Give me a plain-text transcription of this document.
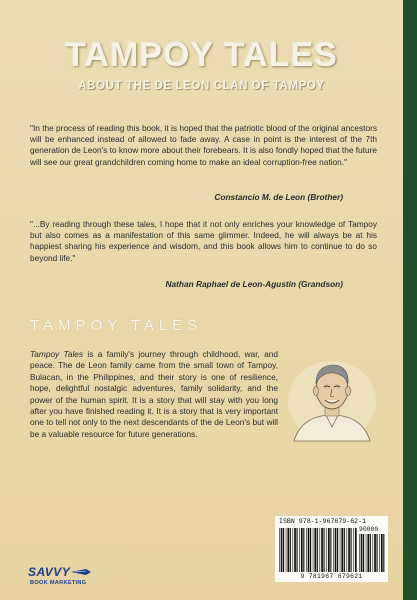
TAMPOY TALES
ABOUT THE DE LEON CLAN OF TAMPOY
"In the process of reading this book, it is hoped that the patriotic blood of the original ancestors will be enhanced instead of allowed to fade away. A case in point is the interest of the 7th generation de Leon's to know more about their forebears. It is also fondly hoped that the future will see our great grandchildren coming home to make an ideal corruption-free nation."
Constancio M. de Leon (Brother)
"...By reading through these tales, I hope that it not only enriches your knowledge of Tampoy but also comes as a manifestation of this same glimmer. Indeed, he will always be at his happiest sharing his experience and wisdom, and this book allows him to continue to do so beyond life."
Nathan Raphael de Leon-Agustin (Grandson)
TAMPOY TALES
Tampoy Tales is a family's journey through childhood, war, and peace. The de Leon family came from the small town of Tampoy, Bulacan, in the Philippines, and their story is one of resilience, hope, delightful nostalgic adventures, family solidarity, and the power of the human spirit. It is a story that will stay with you long after you have finished reading it. It is a story that is very important one to tell not only to the next descendants of the de Leon's but will be a valuable resource for future generations.
ISBN 978-1-967679-62-1
90000
9 781967 679621
SAVVY
BOOK MARKETING
